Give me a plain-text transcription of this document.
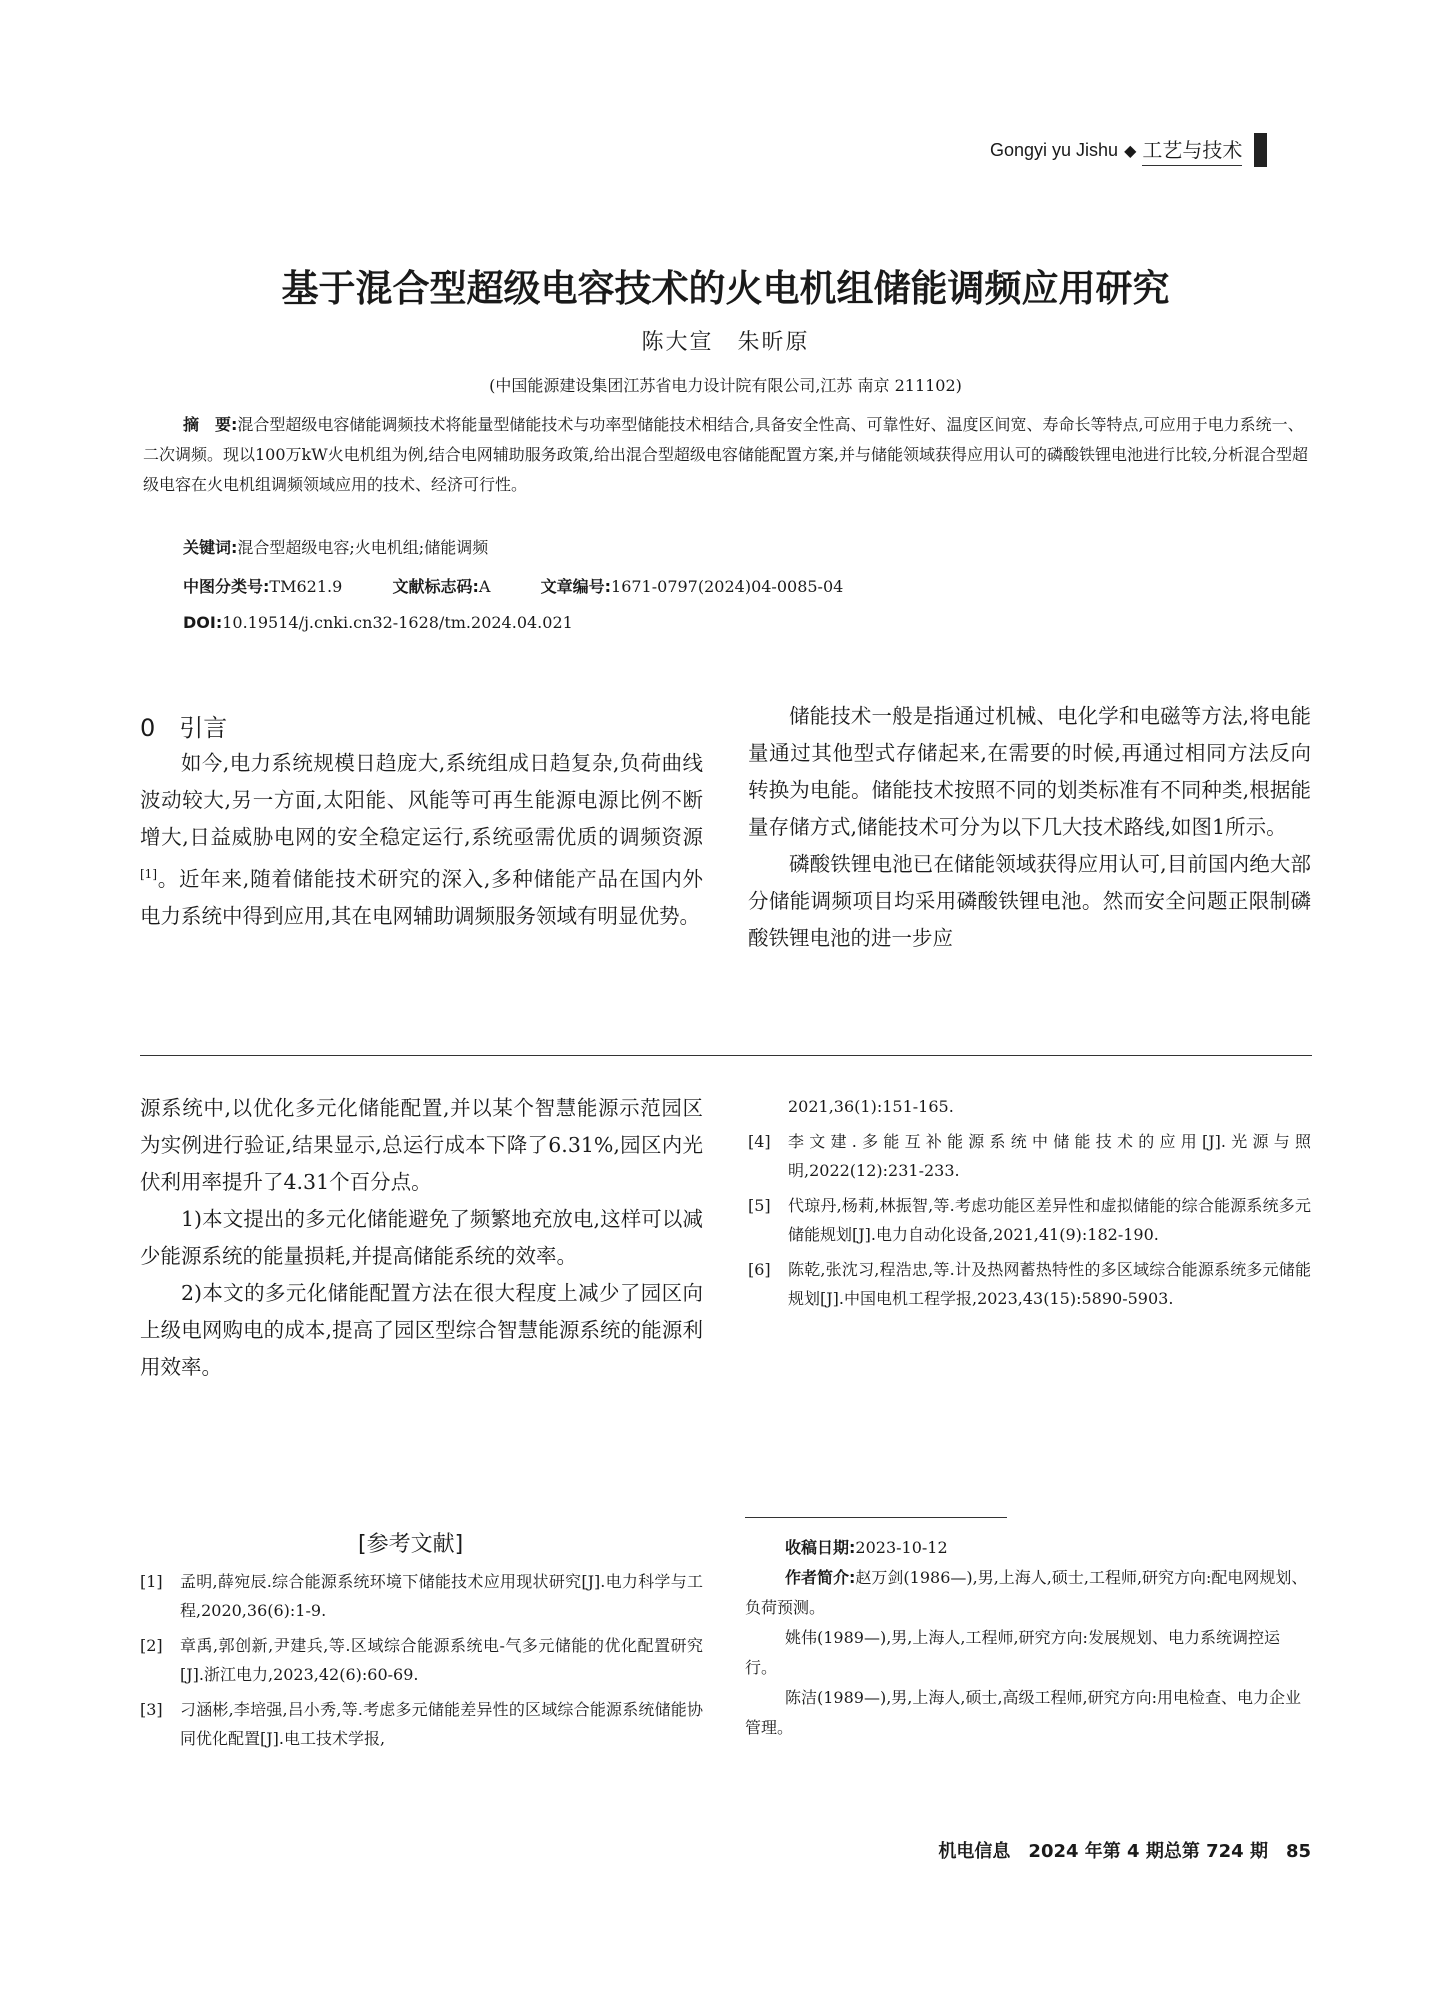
Gongyi yu Jishu ◆ 工艺与技术
基于混合型超级电容技术的火电机组储能调频应用研究
陈大宣　朱昕原
(中国能源建设集团江苏省电力设计院有限公司,江苏 南京 211102)
摘　要:混合型超级电容储能调频技术将能量型储能技术与功率型储能技术相结合,具备安全性高、可靠性好、温度区间宽、寿命长等特点,可应用于电力系统一、二次调频。现以100万kW火电机组为例,结合电网辅助服务政策,给出混合型超级电容储能配置方案,并与储能领域获得应用认可的磷酸铁锂电池进行比较,分析混合型超级电容在火电机组调频领域应用的技术、经济可行性。
关键词:混合型超级电容;火电机组;储能调频
中图分类号:TM621.9	文献标志码:A	文章编号:1671-0797(2024)04-0085-04
DOI:10.19514/j.cnki.cn32-1628/tm.2024.04.021
0　引言

如今,电力系统规模日趋庞大,系统组成日趋复杂,负荷曲线波动较大,另一方面,太阳能、风能等可再生能源电源比例不断增大,日益威胁电网的安全稳定运行,系统亟需优质的调频资源[1]。近年来,随着储能技术研究的深入,多种储能产品在国内外电力系统中得到应用,其在电网辅助调频服务领域有明显优势。

储能技术一般是指通过机械、电化学和电磁等方法,将电能量通过其他型式存储起来,在需要的时候,再通过相同方法反向转换为电能。储能技术按照不同的划类标准有不同种类,根据能量存储方式,储能技术可分为以下几大技术路线,如图1所示。

磷酸铁锂电池已在储能领域获得应用认可,目前国内绝大部分储能调频项目均采用磷酸铁锂电池。然而安全问题正限制磷酸铁锂电池的进一步应

源系统中,以优化多元化储能配置,并以某个智慧能源示范园区为实例进行验证,结果显示,总运行成本下降了6.31%,园区内光伏利用率提升了4.31个百分点。

1)本文提出的多元化储能避免了频繁地充放电,这样可以减少能源系统的能量损耗,并提高储能系统的效率。

2)本文的多元化储能配置方法在很大程度上减少了园区向上级电网购电的成本,提高了园区型综合智慧能源系统的能源利用效率。

[参考文献]
[1]	孟明,薛宛辰.综合能源系统环境下储能技术应用现状研究[J].电力科学与工程,2020,36(6):1-9.
[2]	章禹,郭创新,尹建兵,等.区域综合能源系统电-气多元储能的优化配置研究[J].浙江电力,2023,42(6):60-69.
[3]	刁涵彬,李培强,吕小秀,等.考虑多元储能差异性的区域综合能源系统储能协同优化配置[J].电工技术学报,
2021,36(1):151-165.
[4]	李文建.多能互补能源系统中储能技术的应用[J].光源与照明,2022(12):231-233.
[5]	代琼丹,杨莉,林振智,等.考虑功能区差异性和虚拟储能的综合能源系统多元储能规划[J].电力自动化设备,2021,41(9):182-190.
[6]	陈乾,张沈习,程浩忠,等.计及热网蓄热特性的多区域综合能源系统多元储能规划[J].中国电机工程学报,2023,43(15):5890-5903.

收稿日期:2023-10-12

作者简介:赵万剑(1986—),男,上海人,硕士,工程师,研究方向:配电网规划、负荷预测。

姚伟(1989—),男,上海人,工程师,研究方向:发展规划、电力系统调控运行。

陈洁(1989—),男,上海人,硕士,高级工程师,研究方向:用电检查、电力企业管理。

机电信息　2024 年第 4 期总第 724 期　85
